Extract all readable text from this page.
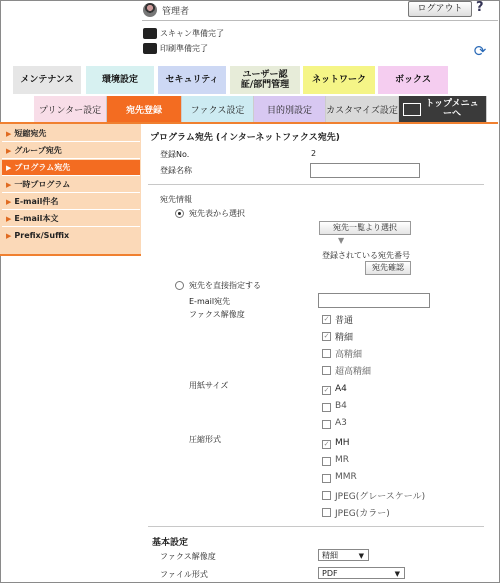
管理者	ログアウト	?
スキャン準備完了
印刷準備完了	⟳
メンテナンス	環境設定	セキュリティ	ユーザー認証/部門管理	ネットワーク	ボックス
プリンター設定	宛先登録	ファクス設定	目的別設定 カスタマイズ設定
トップメニューへ
▶ 短縮宛先
▶ グループ宛先
▶ プログラム宛先
▶ 一時プログラム
▶ E-mail件名
▶ E-mail本文
▶ Prefix/Suffix
プログラム宛先 (インターネットファクス宛先)
登録No.	2
登録名称
宛先情報
宛先表から選択
宛先一覧より選択
▼
登録されている宛先番号
宛先確認
宛先を直接指定する
E-mail宛先
ファクス解像度	✓ 普通
✓ 精細
高精細
超高精細
用紙サイズ	✓ A4
B4
A3
圧縮形式	✓ MH
MR
MMR
JPEG(グレースケール)
JPEG(カラー)
基本設定
ファクス解像度	精細	▼
ファイル形式	PDF	▼
